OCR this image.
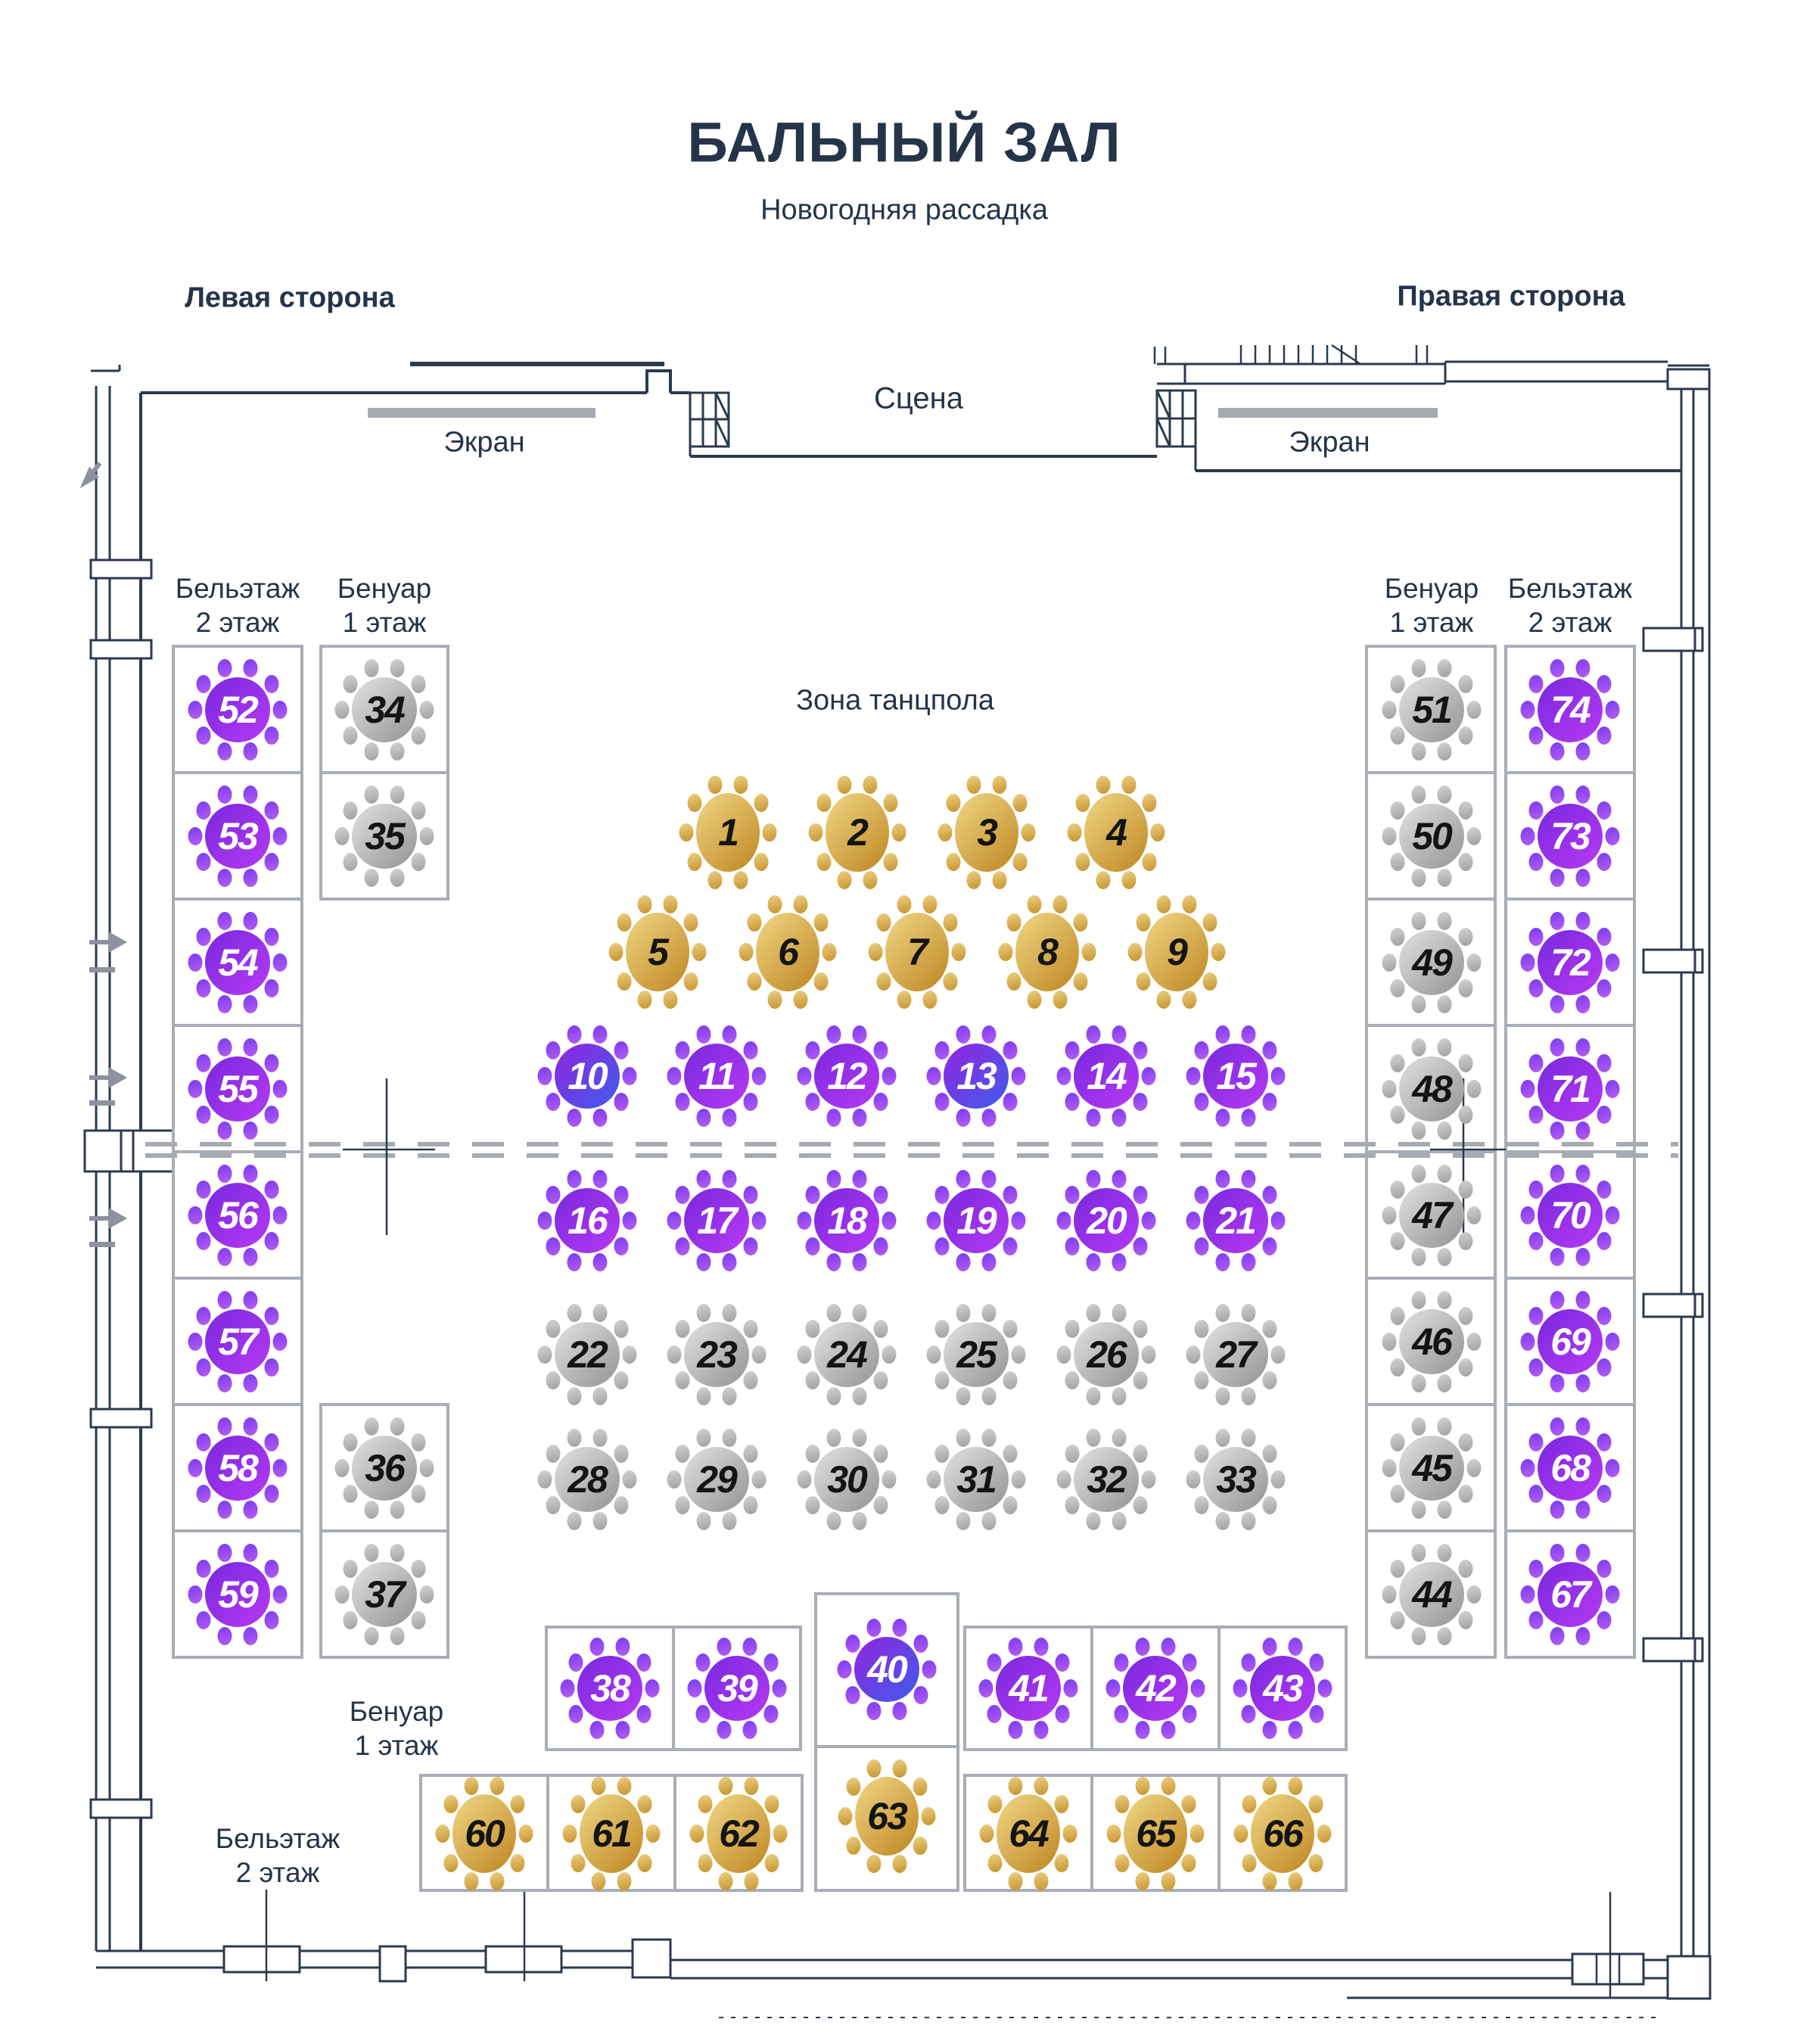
1	2	3	4
5	6	7	8	9
10 11 12 13 14 15
16 17 18 19 20 21
22 23 24 25 26 27
28 29 30 31 32 33
34
35
36
37
38 39	40	41 42 43
44
45
46
47
48
49
50
51
52
53
54
55
56
57
58
59
60 61 62	63	64 65 66
67
68
69
70
71
72
73
74
БАЛЬНЫЙ ЗАЛ
Новогодняя рассадка
Левая сторона	Правая сторона
Сцена
Экран	Экран
Зона танцпола
Бельэтаж
2 этаж
Бенуар
1 этаж
Бенуар
1 этаж
Бельэтаж
2 этаж
Бенуар
1 этаж
Бельэтаж
2 этаж
